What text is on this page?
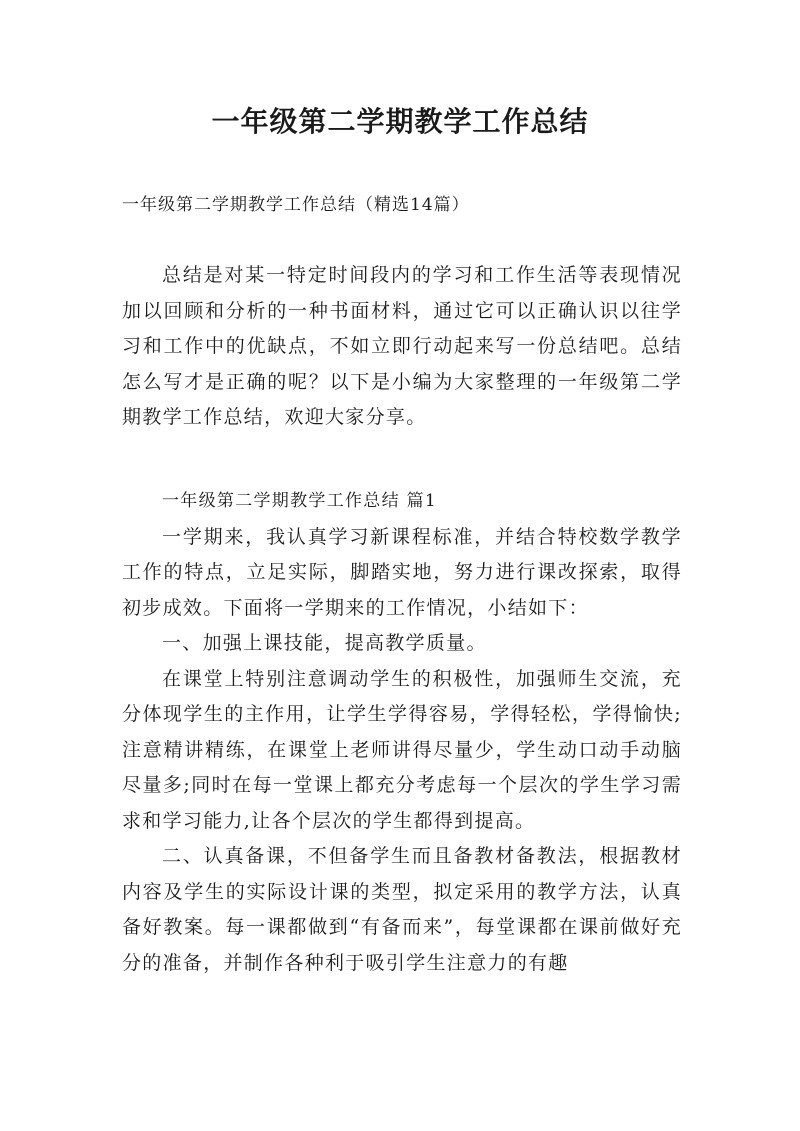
一年级第二学期教学工作总结

一年级第二学期教学工作总结（精选14篇）

总结是对某一特定时间段内的学习和工作生活等表现情况加以回顾和分析的一种书面材料，通过它可以正确认识以往学习和工作中的优缺点，不如立即行动起来写一份总结吧。总结怎么写才是正确的呢？以下是小编为大家整理的一年级第二学期教学工作总结，欢迎大家分享。

一年级第二学期教学工作总结 篇1

一学期来，我认真学习新课程标准，并结合特校数学教学工作的特点，立足实际，脚踏实地，努力进行课改探索，取得初步成效。下面将一学期来的工作情况，小结如下：

一、加强上课技能，提高教学质量。

在课堂上特别注意调动学生的积极性，加强师生交流，充分体现学生的主作用，让学生学得容易，学得轻松，学得愉快;注意精讲精练，在课堂上老师讲得尽量少，学生动口动手动脑尽量多;同时在每一堂课上都充分考虑每一个层次的学生学习需求和学习能力,让各个层次的学生都得到提高。

二、认真备课，不但备学生而且备教材备教法，根据教材内容及学生的实际设计课的类型，拟定采用的教学方法，认真备好教案。每一课都做到“有备而来”，每堂课都在课前做好充分的准备，并制作各种利于吸引学生注意力的有趣
